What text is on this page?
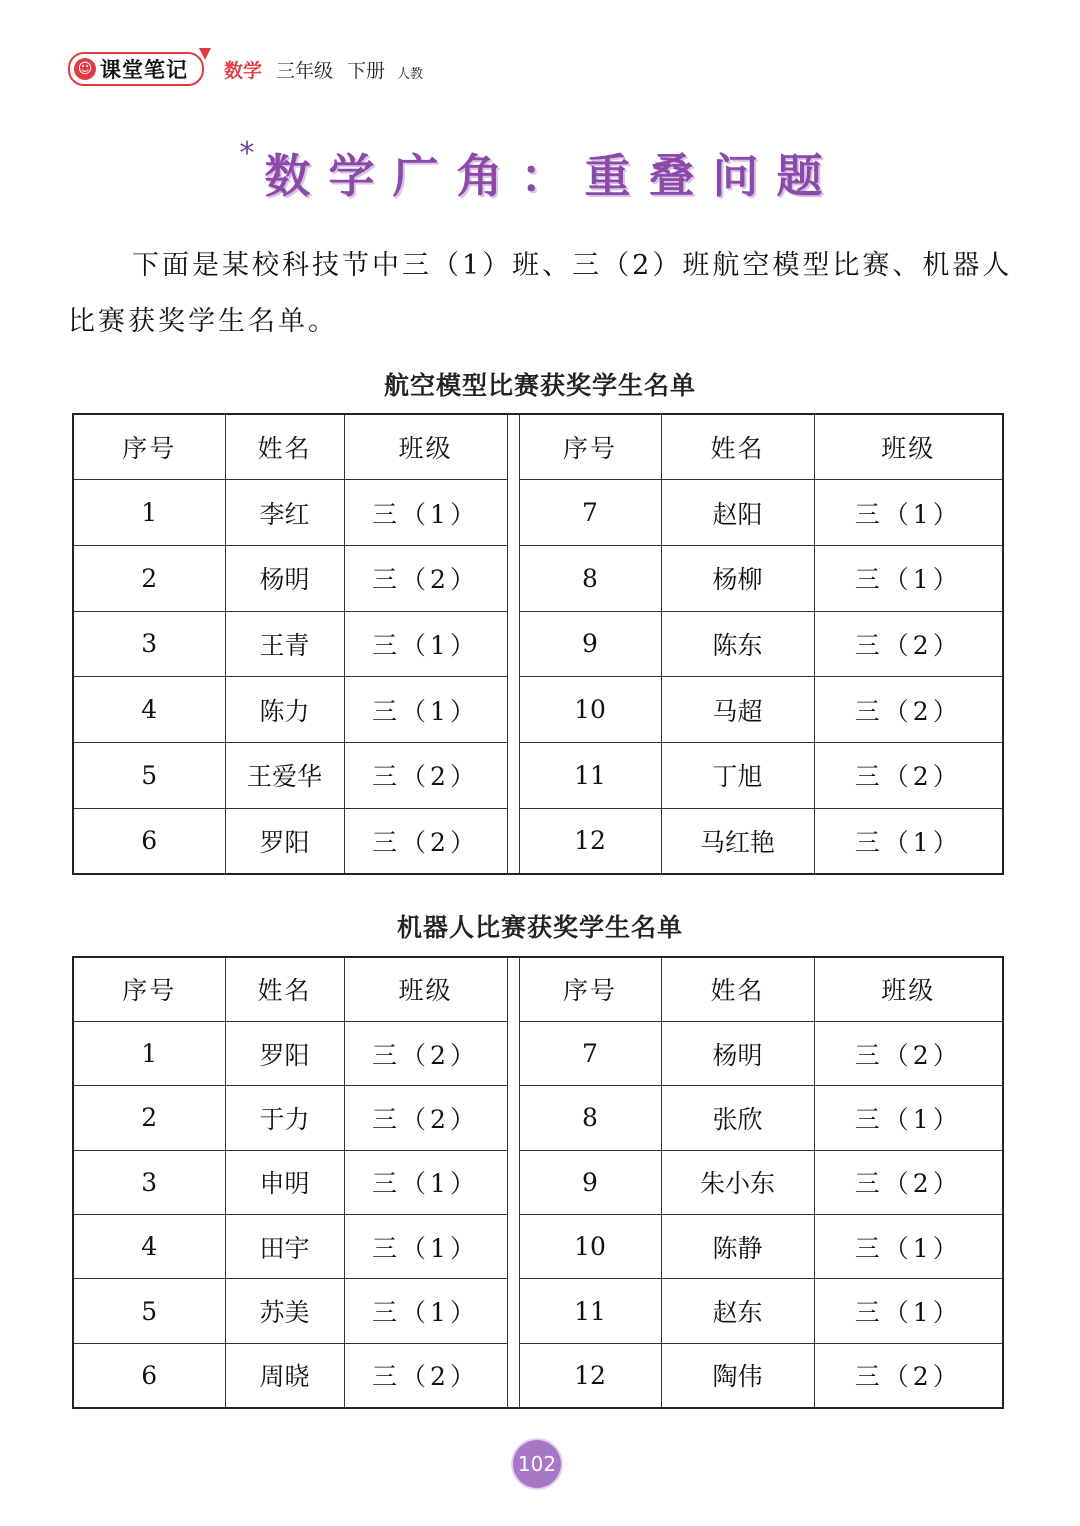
☺ 课堂笔记 数学 三年级 下册 人教
* 数学广角：重叠问题

下面是某校科技节中三（1）班、三（2）班航空模型比赛、机器人比赛获奖学生名单。

航空模型比赛获奖学生名单
序号	姓名	班级		序号	姓名	班级
1	李红	三（1）		7	赵阳	三（1）
2	杨明	三（2）		8	杨柳	三（1）
3	王青	三（1）		9	陈东	三（2）
4	陈力	三（1）		10	马超	三（2）
5	王爱华	三（2）		11	丁旭	三（2）
6	罗阳	三（2）		12	马红艳	三（1）
机器人比赛获奖学生名单
序号	姓名	班级		序号	姓名	班级
1	罗阳	三（2）		7	杨明	三（2）
2	于力	三（2）		8	张欣	三（1）
3	申明	三（1）		9	朱小东	三（2）
4	田宇	三（1）		10	陈静	三（1）
5	苏美	三（1）		11	赵东	三（1）
6	周晓	三（2）		12	陶伟	三（2）
102
